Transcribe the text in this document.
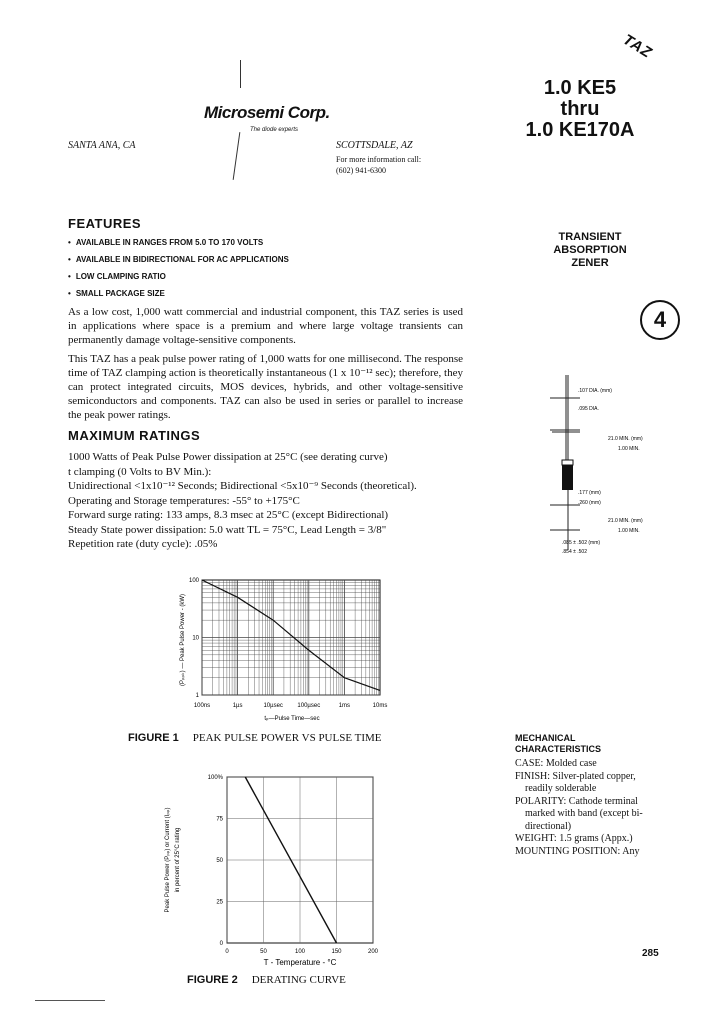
TAZ
Microsemi Corp.
The diode experts
SANTA ANA, CA	SCOTTSDALE, AZ
For more information call:
(602) 941-6300
1.0 KE5
thru
1.0 KE170A
FEATURES
• AVAILABLE IN RANGES FROM 5.0 TO 170 VOLTS
• AVAILABLE IN BIDIRECTIONAL FOR AC APPLICATIONS
• LOW CLAMPING RATIO
• SMALL PACKAGE SIZE
As a low cost, 1,000 watt commercial and industrial component, this TAZ series is used in applications where space is a premium and where large voltage transients can permanently damage voltage-sensitive components.
This TAZ has a peak pulse power rating of 1,000 watts for one millisecond. The response time of TAZ clamping action is theoretically instantaneous (1 x 10⁻¹² sec); therefore, they can protect integrated circuits, MOS devices, hybrids, and other voltage-sensitive semiconductors and components. TAZ can also be used in series or parallel to increase the peak power ratings.
MAXIMUM RATINGS
1000 Watts of Peak Pulse Power dissipation at 25°C (see derating curve)
t clamping (0 Volts to BV Min.):
Unidirectional <1x10⁻¹² Seconds; Bidirectional <5x10⁻⁹ Seconds (theoretical).
Operating and Storage temperatures: -55° to +175°C
Forward surge rating: 133 amps, 8.3 msec at 25°C (except Bidirectional)
Steady State power dissipation: 5.0 watt TL = 75°C, Lead Length = 3/8"
Repetition rate (duty cycle): .05%
TRANSIENT
ABSORPTION
ZENER
4
.107 DIA. (mm)
.095 DIA.
21.0 MIN. (mm)
1.00 MIN.
.177 (mm)
.260 (mm)
21.0 MIN. (mm)
1.00 MIN.
.085 ± .502 (mm)
.854 ± .502
100
10
1
100ns	1µs	10µsec 100µsec	1ms	10ms
(Pₚₚₖ) — Peak Pulse Power - (kW)
tₚ—Pulse Time—sec
FIGURE 1 PEAK PULSE POWER VS PULSE TIME
0
25
50
75
100%
0	50	100	150	200
Peak Pulse Power (Pₚₚ) or Current (Iₚₚ) in percent of 25°C rating
T - Temperature - °C
FIGURE 2 DERATING CURVE
MECHANICAL
CHARACTERISTICS
CASE: Molded case
FINISH: Silver-plated copper,
readily solderable
POLARITY: Cathode terminal
marked with band (except bi-
directional)
WEIGHT: 1.5 grams (Appx.)
MOUNTING POSITION: Any
285
